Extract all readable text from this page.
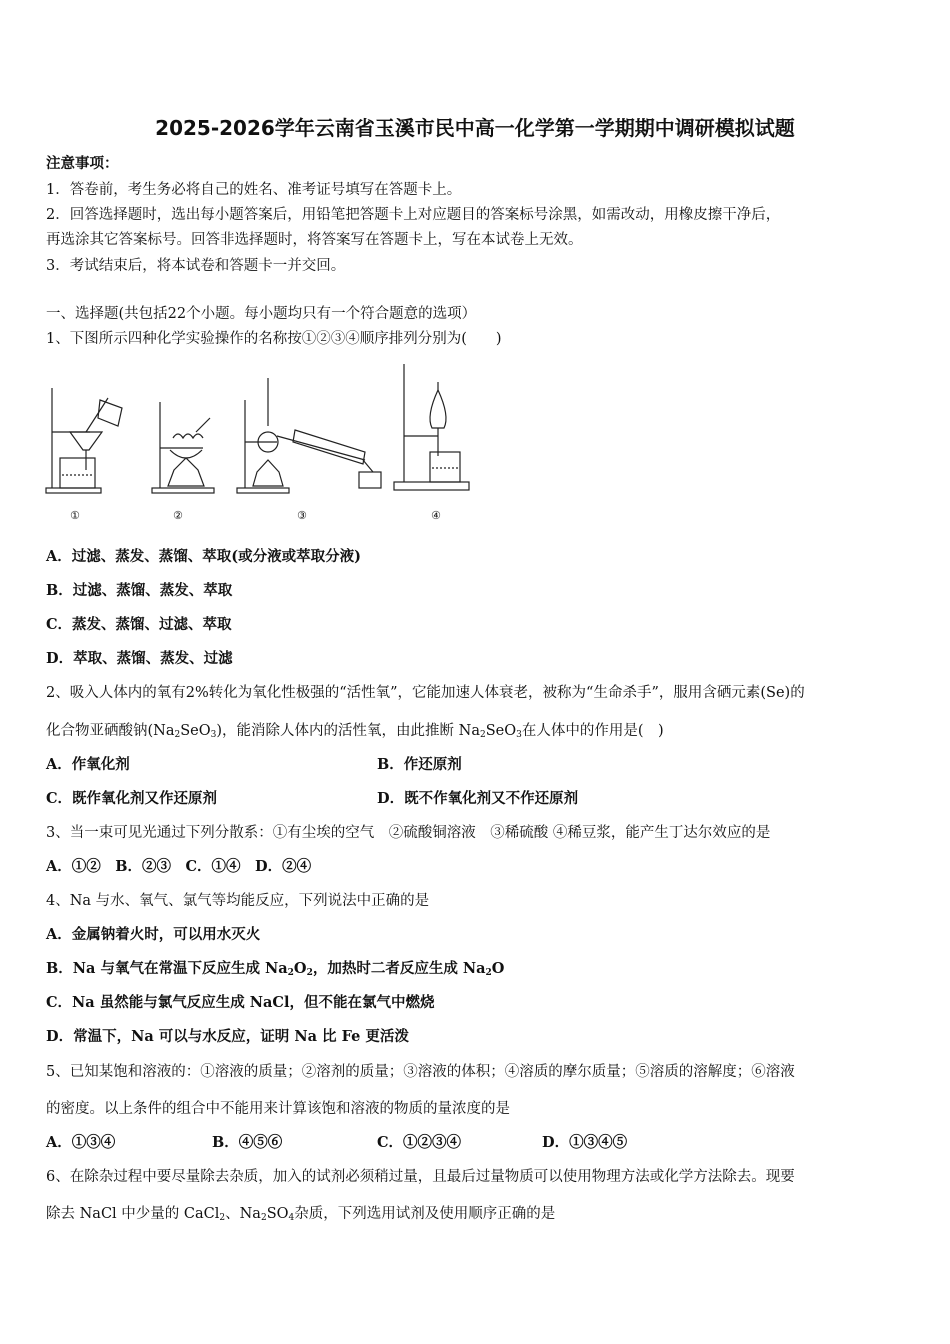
2025-2026学年云南省玉溪市民中高一化学第一学期期中调研模拟试题
注意事项：
1．答卷前，考生务必将自己的姓名、准考证号填写在答题卡上。
2．回答选择题时，选出每小题答案后，用铅笔把答题卡上对应题目的答案标号涂黑，如需改动，用橡皮擦干净后，
再选涂其它答案标号。回答非选择题时，将答案写在答题卡上，写在本试卷上无效。
3．考试结束后，将本试卷和答题卡一并交回。
一、选择题(共包括22个小题。每小题均只有一个符合题意的选项）
1、下图所示四种化学实验操作的名称按①②③④顺序排列分别为(　　)
①	②	③	④
A．过滤、蒸发、蒸馏、萃取(或分液或萃取分液)
B．过滤、蒸馏、蒸发、萃取
C．蒸发、蒸馏、过滤、萃取
D．萃取、蒸馏、蒸发、过滤
2、吸入人体内的氧有2%转化为氧化性极强的“活性氧”，它能加速人体衰老，被称为“生命杀手”，服用含硒元素(Se)的
化合物亚硒酸钠$(Na_2SeO_3)$，能消除人体内的活性氧，由此推断 $Na_2SeO_3$在人体中的作用是(　)
A．作氧化剂	B．作还原剂
C．既作氧化剂又作还原剂	D．既不作氧化剂又不作还原剂
3、当一束可见光通过下列分散系：①有尘埃的空气　②硫酸铜溶液　③稀硫酸 ④稀豆浆，能产生丁达尔效应的是
A．①②　B．②③　C．①④　D．②④
4、Na 与水、氧气、氯气等均能反应，下列说法中正确的是
A．金属钠着火时，可以用水灭火
B．Na 与氧气在常温下反应生成 $Na_2O_2$，加热时二者反应生成 $Na_2O$
C．Na 虽然能与氯气反应生成 NaCl，但不能在氯气中燃烧
D．常温下，Na 可以与水反应，证明 Na 比 Fe 更活泼
5、已知某饱和溶液的：①溶液的质量；②溶剂的质量；③溶液的体积；④溶质的摩尔质量；⑤溶质的溶解度；⑥溶液
的密度。以上条件的组合中不能用来计算该饱和溶液的物质的量浓度的是
A．①③④	B．④⑤⑥	C．①②③④	D．①③④⑤
6、在除杂过程中要尽量除去杂质，加入的试剂必须稍过量，且最后过量物质可以使用物理方法或化学方法除去。现要
除去 NaCl 中少量的 CaCl$_2$、$Na_2SO_4$杂质，下列选用试剂及使用顺序正确的是
